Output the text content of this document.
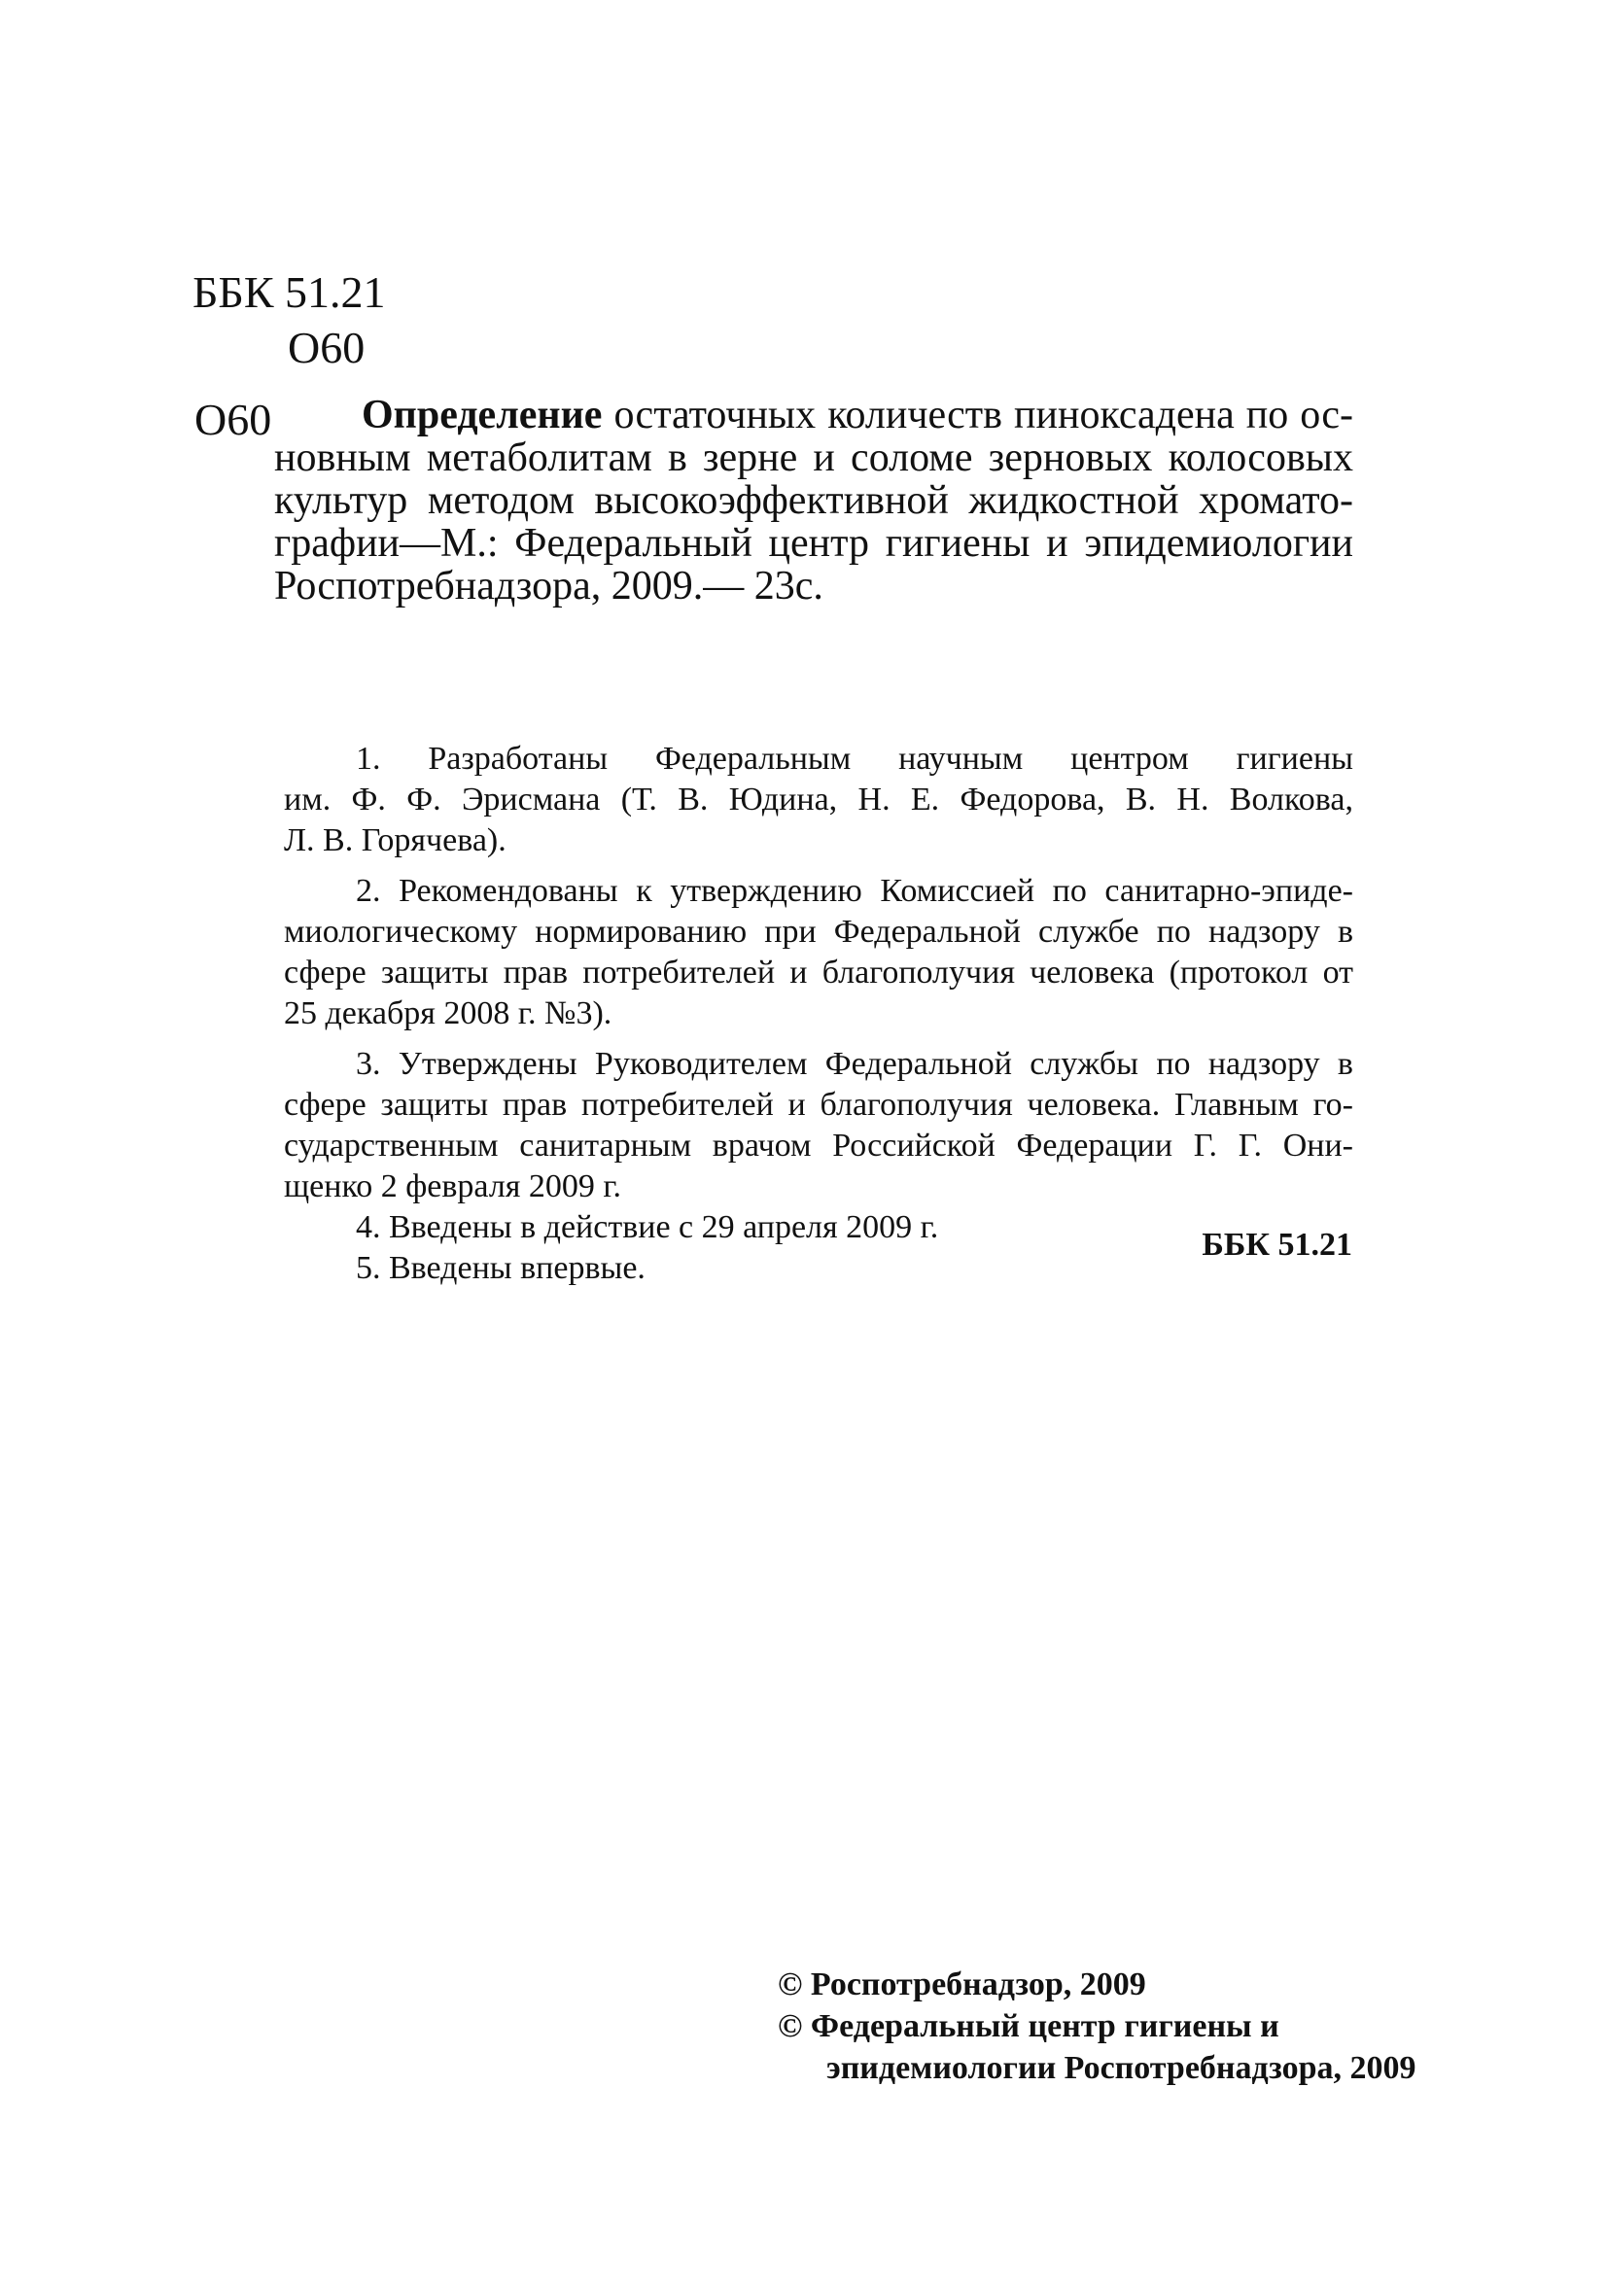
ББК 51.21
О60
О60	Определение остаточных количеств пиноксадена по ос-
новным метаболитам в зерне и соломе зерновых колосовых
культур методом высокоэффективной жидкостной хромато-
графии—М.: Федеральный центр гигиены и эпидемиологии
Роспотребнадзора, 2009.— 23с.
1. Разработаны Федеральным научным центром гигиены
им. Ф. Ф. Эрисмана (Т. В. Юдина, Н. Е. Федорова, В. Н. Волкова,
Л. В. Горячева).
2. Рекомендованы к утверждению Комиссией по санитарно-эпиде-
миологическому нормированию при Федеральной службе по надзору в
сфере защиты прав потребителей и благополучия человека (протокол от
25 декабря 2008 г. №3).
3. Утверждены Руководителем Федеральной службы по надзору в
сфере защиты прав потребителей и благополучия человека. Главным го-
сударственным санитарным врачом Российской Федерации Г. Г. Они-
щенко 2 февраля 2009 г.
4. Введены в действие с 29 апреля 2009 г.
5. Введены впервые.
ББК 51.21
© Роспотребнадзор, 2009
© Федеральный центр гигиены и
эпидемиологии Роспотребнадзора, 2009
